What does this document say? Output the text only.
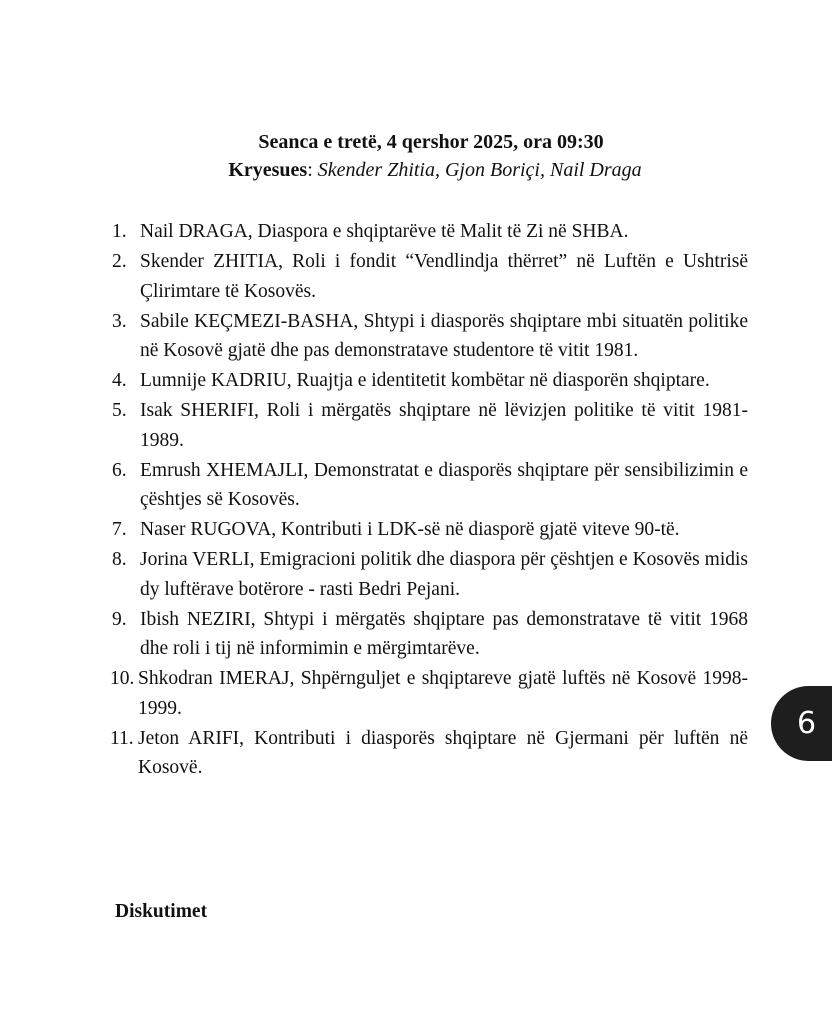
Seanca e tretë, 4 qershor 2025, ora 09:30

Kryesues: Skender Zhitia, Gjon Boriçi, Nail Draga

1. Nail DRAGA, Diaspora e shqiptarëve të Malit të Zi në SHBA.
2. Skender ZHITIA, Roli i fondit “Vendlindja thërret” në Luftën e Ushtrisë Çlirimtare të Kosovës.
3. Sabile KEÇMEZI-BASHA, Shtypi i diasporës shqiptare mbi situatën politike në Kosovë gjatë dhe pas demonstratave studentore të vitit 1981.
4. Lumnije KADRIU, Ruajtja e identitetit kombëtar në diasporën shqiptare.
5. Isak SHERIFI, Roli i mërgatës shqiptare në lëvizjen politike të vitit 1981-1989.
6. Emrush XHEMAJLI, Demonstratat e diasporës shqiptare për sensibilizimin e çështjes së Kosovës.
7. Naser RUGOVA, Kontributi i LDK-së në diasporë gjatë viteve 90-të.
8. Jorina VERLI, Emigracioni politik dhe diaspora për çështjen e Kosovës midis dy luftërave botërore - rasti Bedri Pejani.
9. Ibish NEZIRI, Shtypi i mërgatës shqiptare pas demonstratave të vitit 1968 dhe roli i tij në informimin e mërgimtarëve.
10. Shkodran IMERAJ, Shpërnguljet e shqiptareve gjatë luftës në Kosovë 1998-1999.
11. Jeton ARIFI, Kontributi i diasporës shqiptare në Gjermani për luftën në Kosovë.

Diskutimet

6
